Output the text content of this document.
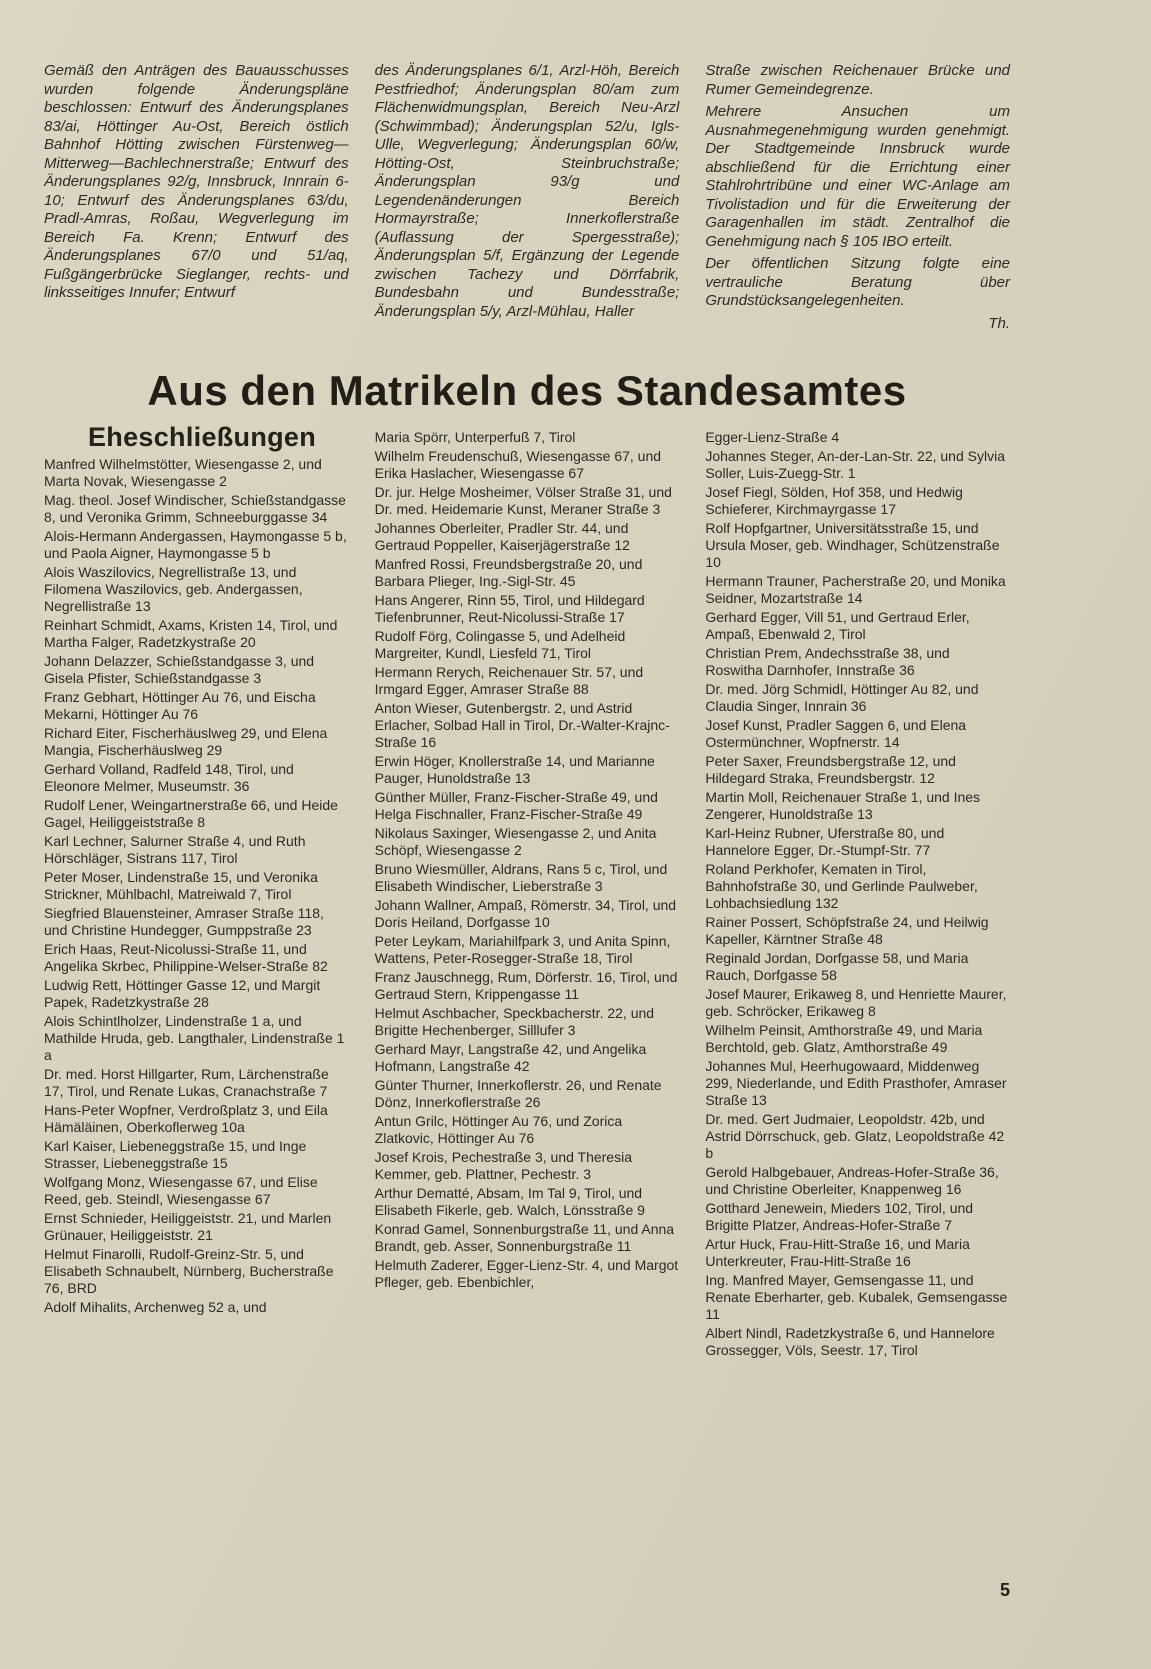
Gemäß den Anträgen des Bauausschusses wurden folgende Änderungspläne beschlossen: Entwurf des Änderungsplanes 83/ai, Höttinger Au-Ost, Bereich östlich Bahnhof Hötting zwischen Fürstenweg—Mitterweg—Bachlechnerstraße; Entwurf des Änderungsplanes 92/g, Innsbruck, Innrain 6-10; Entwurf des Änderungsplanes 63/du, Pradl-Amras, Roßau, Wegverlegung im Bereich Fa. Krenn; Entwurf des Änderungsplanes 67/0 und 51/aq, Fußgängerbrücke Sieglanger, rechts- und linksseitiges Innufer; Entwurf

des Änderungsplanes 6/1, Arzl-Höh, Bereich Pestfriedhof; Änderungsplan 80/am zum Flächenwidmungsplan, Bereich Neu-Arzl (Schwimmbad); Änderungsplan 52/u, Igls-Ulle, Wegverlegung; Änderungsplan 60/w, Hötting-Ost, Steinbruchstraße; Änderungsplan 93/g und Legendenänderungen Bereich Hormayrstraße; Innerkoflerstraße (Auflassung der Spergesstraße); Änderungsplan 5/f, Ergänzung der Legende zwischen Tachezy und Dörrfabrik, Bundesbahn und Bundesstraße; Änderungsplan 5/y, Arzl-Mühlau, Haller

Straße zwischen Reichenauer Brücke und Rumer Gemeindegrenze.

Mehrere Ansuchen um Ausnahmegenehmigung wurden genehmigt. Der Stadtgemeinde Innsbruck wurde abschließend für die Errichtung einer Stahlrohrtribüne und einer WC-Anlage am Tivolistadion und für die Erweiterung der Garagenhallen im städt. Zentralhof die Genehmigung nach § 105 IBO erteilt.

Der öffentlichen Sitzung folgte eine vertrauliche Beratung über Grundstücksangelegenheiten.

Th.

Aus den Matrikeln des Standesamtes
Eheschließungen

Manfred Wilhelmstötter, Wiesengasse 2, und Marta Novak, Wiesengasse 2

Mag. theol. Josef Windischer, Schießstandgasse 8, und Veronika Grimm, Schneeburggasse 34

Alois-Hermann Andergassen, Haymongasse 5 b, und Paola Aigner, Haymongasse 5 b

Alois Waszilovics, Negrellistraße 13, und Filomena Waszilovics, geb. Andergassen, Negrellistraße 13

Reinhart Schmidt, Axams, Kristen 14, Tirol, und Martha Falger, Radetzkystraße 20

Johann Delazzer, Schießstandgasse 3, und Gisela Pfister, Schießstandgasse 3

Franz Gebhart, Höttinger Au 76, und Eischa Mekarni, Höttinger Au 76

Richard Eiter, Fischerhäuslweg 29, und Elena Mangia, Fischerhäuslweg 29

Gerhard Volland, Radfeld 148, Tirol, und Eleonore Melmer, Museumstr. 36

Rudolf Lener, Weingartnerstraße 66, und Heide Gagel, Heiliggeiststraße 8

Karl Lechner, Salurner Straße 4, und Ruth Hörschläger, Sistrans 117, Tirol

Peter Moser, Lindenstraße 15, und Veronika Strickner, Mühlbachl, Matreiwald 7, Tirol

Siegfried Blauensteiner, Amraser Straße 118, und Christine Hundegger, Gumppstraße 23

Erich Haas, Reut-Nicolussi-Straße 11, und Angelika Skrbec, Philippine-Welser-Straße 82

Ludwig Rett, Höttinger Gasse 12, und Margit Papek, Radetzkystraße 28

Alois Schintlholzer, Lindenstraße 1 a, und Mathilde Hruda, geb. Langthaler, Lindenstraße 1 a

Dr. med. Horst Hillgarter, Rum, Lärchenstraße 17, Tirol, und Renate Lukas, Cranachstraße 7

Hans-Peter Wopfner, Verdroßplatz 3, und Eila Hämäläinen, Oberkoflerweg 10a

Karl Kaiser, Liebeneggstraße 15, und Inge Strasser, Liebeneggstraße 15

Wolfgang Monz, Wiesengasse 67, und Elise Reed, geb. Steindl, Wiesengasse 67

Ernst Schnieder, Heiliggeiststr. 21, und Marlen Grünauer, Heiliggeiststr. 21

Helmut Finarolli, Rudolf-Greinz-Str. 5, und Elisabeth Schnaubelt, Nürnberg, Bucherstraße 76, BRD

Adolf Mihalits, Archenweg 52 a, und

Maria Spörr, Unterperfuß 7, Tirol

Wilhelm Freudenschuß, Wiesengasse 67, und Erika Haslacher, Wiesengasse 67

Dr. jur. Helge Mosheimer, Völser Straße 31, und Dr. med. Heidemarie Kunst, Meraner Straße 3

Johannes Oberleiter, Pradler Str. 44, und Gertraud Poppeller, Kaiserjägerstraße 12

Manfred Rossi, Freundsbergstraße 20, und Barbara Plieger, Ing.-Sigl-Str. 45

Hans Angerer, Rinn 55, Tirol, und Hildegard Tiefenbrunner, Reut-Nicolussi-Straße 17

Rudolf Förg, Colingasse 5, und Adelheid Margreiter, Kundl, Liesfeld 71, Tirol

Hermann Rerych, Reichenauer Str. 57, und Irmgard Egger, Amraser Straße 88

Anton Wieser, Gutenbergstr. 2, und Astrid Erlacher, Solbad Hall in Tirol, Dr.-Walter-Krajnc-Straße 16

Erwin Höger, Knollerstraße 14, und Marianne Pauger, Hunoldstraße 13

Günther Müller, Franz-Fischer-Straße 49, und Helga Fischnaller, Franz-Fischer-Straße 49

Nikolaus Saxinger, Wiesengasse 2, und Anita Schöpf, Wiesengasse 2

Bruno Wiesmüller, Aldrans, Rans 5 c, Tirol, und Elisabeth Windischer, Lieberstraße 3

Johann Wallner, Ampaß, Römerstr. 34, Tirol, und Doris Heiland, Dorfgasse 10

Peter Leykam, Mariahilfpark 3, und Anita Spinn, Wattens, Peter-Rosegger-Straße 18, Tirol

Franz Jauschnegg, Rum, Dörferstr. 16, Tirol, und Gertraud Stern, Krippengasse 11

Helmut Aschbacher, Speckbacherstr. 22, und Brigitte Hechenberger, Silllufer 3

Gerhard Mayr, Langstraße 42, und Angelika Hofmann, Langstraße 42

Günter Thurner, Innerkoflerstr. 26, und Renate Dönz, Innerkoflerstraße 26

Antun Grilc, Höttinger Au 76, und Zorica Zlatkovic, Höttinger Au 76

Josef Krois, Pechestraße 3, und Theresia Kemmer, geb. Plattner, Pechestr. 3

Arthur Dematté, Absam, Im Tal 9, Tirol, und Elisabeth Fikerle, geb. Walch, Lönsstraße 9

Konrad Gamel, Sonnenburgstraße 11, und Anna Brandt, geb. Asser, Sonnenburgstraße 11

Helmuth Zaderer, Egger-Lienz-Str. 4, und Margot Pfleger, geb. Ebenbichler,

Egger-Lienz-Straße 4

Johannes Steger, An-der-Lan-Str. 22, und Sylvia Soller, Luis-Zuegg-Str. 1

Josef Fiegl, Sölden, Hof 358, und Hedwig Schieferer, Kirchmayrgasse 17

Rolf Hopfgartner, Universitätsstraße 15, und Ursula Moser, geb. Windhager, Schützenstraße 10

Hermann Trauner, Pacherstraße 20, und Monika Seidner, Mozartstraße 14

Gerhard Egger, Vill 51, und Gertraud Erler, Ampaß, Ebenwald 2, Tirol

Christian Prem, Andechsstraße 38, und Roswitha Darnhofer, Innstraße 36

Dr. med. Jörg Schmidl, Höttinger Au 82, und Claudia Singer, Innrain 36

Josef Kunst, Pradler Saggen 6, und Elena Ostermünchner, Wopfnerstr. 14

Peter Saxer, Freundsbergstraße 12, und Hildegard Straka, Freundsbergstr. 12

Martin Moll, Reichenauer Straße 1, und Ines Zengerer, Hunoldstraße 13

Karl-Heinz Rubner, Uferstraße 80, und Hannelore Egger, Dr.-Stumpf-Str. 77

Roland Perkhofer, Kematen in Tirol, Bahnhofstraße 30, und Gerlinde Paulweber, Lohbachsiedlung 132

Rainer Possert, Schöpfstraße 24, und Heilwig Kapeller, Kärntner Straße 48

Reginald Jordan, Dorfgasse 58, und Maria Rauch, Dorfgasse 58

Josef Maurer, Erikaweg 8, und Henriette Maurer, geb. Schröcker, Erikaweg 8

Wilhelm Peinsit, Amthorstraße 49, und Maria Berchtold, geb. Glatz, Amthorstraße 49

Johannes Mul, Heerhugowaard, Middenweg 299, Niederlande, und Edith Prasthofer, Amraser Straße 13

Dr. med. Gert Judmaier, Leopoldstr. 42b, und Astrid Dörrschuck, geb. Glatz, Leopoldstraße 42 b

Gerold Halbgebauer, Andreas-Hofer-Straße 36, und Christine Oberleiter, Knappenweg 16

Gotthard Jenewein, Mieders 102, Tirol, und Brigitte Platzer, Andreas-Hofer-Straße 7

Artur Huck, Frau-Hitt-Straße 16, und Maria Unterkreuter, Frau-Hitt-Straße 16

Ing. Manfred Mayer, Gemsengasse 11, und Renate Eberharter, geb. Kubalek, Gemsengasse 11

Albert Nindl, Radetzkystraße 6, und Hannelore Grossegger, Völs, Seestr. 17, Tirol

5
